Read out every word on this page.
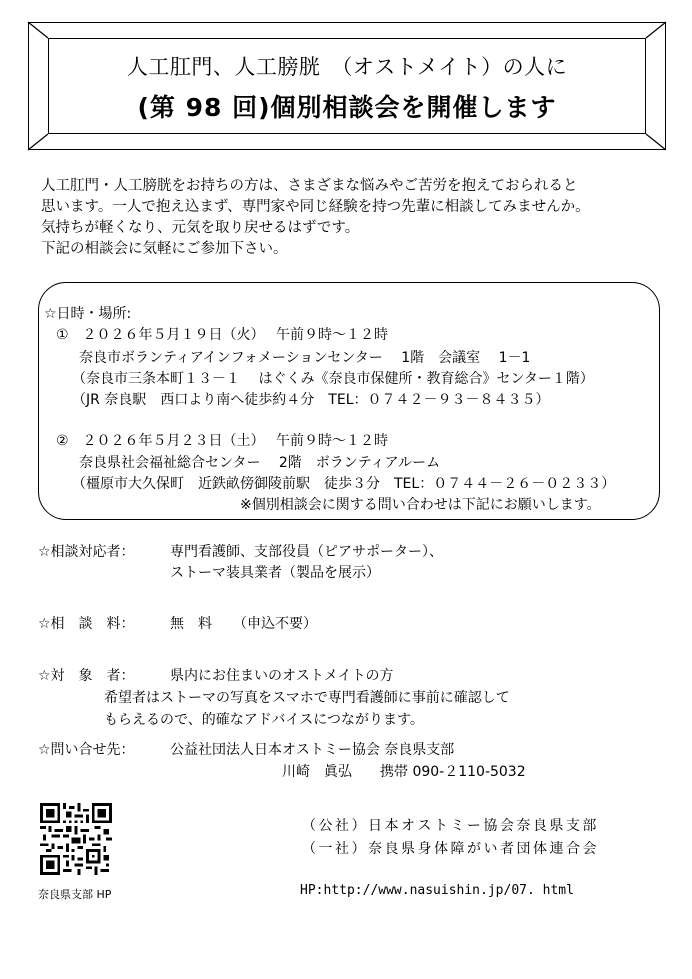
人工肛門、人工膀胱　（オストメイト）の人に
(第 98 回)個別相談会を開催します
人工肛門・人工膀胱をお持ちの方は、さまざまな悩みやご苦労を抱えておられると
思います。一人で抱え込まず、専門家や同じ経験を持つ先輩に相談してみませんか。
気持ちが軽くなり、元気を取り戻せるはずです。
下記の相談会に気軽にご参加下さい。
☆日時・場所:
①　２０２６年５月１９日（火）　 午前９時～１２時
奈良市ボランティアインフォメーションセンター　 1階　会議室　 1－1
（奈良市三条本町１３－１　 はぐくみ《奈良市保健所・教育総合》センター１階）
（JR 奈良駅　西口より南へ徒歩約４分　TEL：０７４２－９３－８４３５）
②　２０２６年５月２３日（土）　 午前９時～１２時
奈良県社会福祉総合センター　 2階　ボランティアルーム
（橿原市大久保町　近鉄畝傍御陵前駅　徒歩３分　TEL：０７４４－２６－０２３３）
※個別相談会に関する問い合わせは下記にお願いします。
☆相談対応者：	専門看護師、支部役員（ピアサポーター）、
ストーマ装具業者（製品を展示）
☆相　談　料：	無　料　　（申込不要）
☆対　象　者：	県内にお住まいのオストメイトの方
希望者はストーマの写真をスマホで専門看護師に事前に確認して
もらえるので、的確なアドバイスにつながります。
☆問い合せ先：	公益社団法人日本オストミー協会 奈良県支部
川崎　眞弘　　携帯 090-２110-5032
奈良県支部 HP
（公社）日本オストミー協会奈良県支部
（一社）奈良県身体障がい者団体連合会
HP:http://www.nasuishin.jp/07. html
